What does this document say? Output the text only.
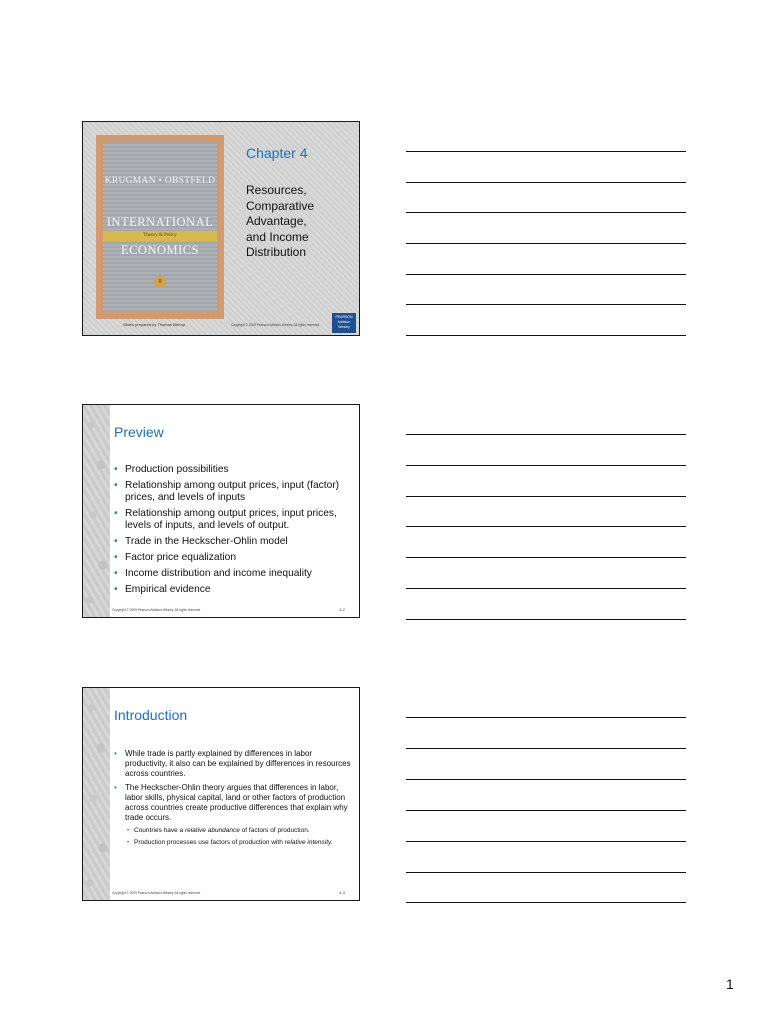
KRUGMAN • OBSTFELD
INTERNATIONAL
Theory & Policy
ECONOMICS
8
Chapter 4
Resources,
Comparative
Advantage,
and Income
Distribution
Slides prepared by Thomas Bishop	Copyright © 2009 Pearson Addison-Wesley. All rights reserved.
PEARSON
Addison
Wesley
Preview
• Production possibilities
• Relationship among output prices, input (factor) prices, and levels of inputs
• Relationship among output prices, input prices, levels of inputs, and levels of output.
• Trade in the Heckscher-Ohlin model
• Factor price equalization
• Income distribution and income inequality
• Empirical evidence
Copyright © 2009 Pearson Addison-Wesley. All rights reserved.	4-2
Introduction
• While trade is partly explained by differences in labor productivity, it also can be explained by differences in resources across countries.
• The Heckscher-Ohlin theory argues that differences in labor, labor skills, physical capital, land or other factors of production across countries create productive differences that explain why trade occurs.
• Countries have a relative abundance of factors of production.
• Production processes use factors of production with relative intensity.
Copyright © 2009 Pearson Addison-Wesley. All rights reserved.	4-3
1
